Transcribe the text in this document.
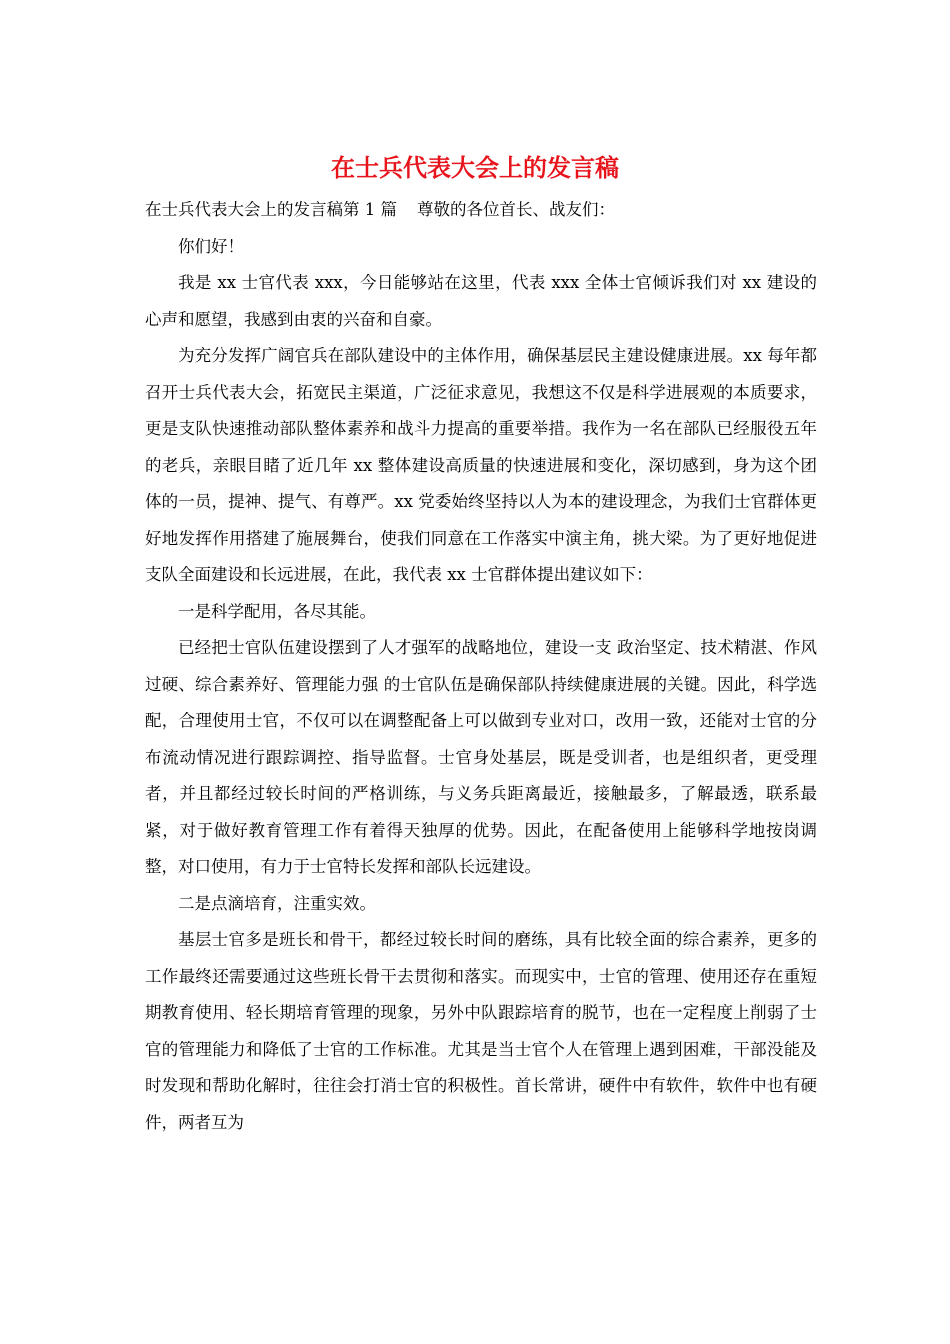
在士兵代表大会上的发言稿

在士兵代表大会上的发言稿第 1 篇 尊敬的各位首长、战友们：

你们好！

我是 xx 士官代表 xxx，今日能够站在这里，代表 xxx 全体士官倾诉我们对 xx 建设的心声和愿望，我感到由衷的兴奋和自豪。

为充分发挥广阔官兵在部队建设中的主体作用，确保基层民主建设健康进展。xx 每年都召开士兵代表大会，拓宽民主渠道，广泛征求意见，我想这不仅是科学进展观的本质要求，更是支队快速推动部队整体素养和战斗力提高的重要举措。我作为一名在部队已经服役五年的老兵，亲眼目睹了近几年 xx 整体建设高质量的快速进展和变化，深切感到，身为这个团体的一员，提神、提气、有尊严。xx 党委始终坚持以人为本的建设理念，为我们士官群体更好地发挥作用搭建了施展舞台，使我们同意在工作落实中演主角，挑大梁。为了更好地促进支队全面建设和长远进展，在此，我代表 xx 士官群体提出建议如下：

一是科学配用，各尽其能。

已经把士官队伍建设摆到了人才强军的战略地位，建设一支 政治坚定、技术精湛、作风过硬、综合素养好、管理能力强 的士官队伍是确保部队持续健康进展的关键。因此，科学选配，合理使用士官，不仅可以在调整配备上可以做到专业对口，改用一致，还能对士官的分布流动情况进行跟踪调控、指导监督。士官身处基层，既是受训者，也是组织者，更受理者，并且都经过较长时间的严格训练，与义务兵距离最近，接触最多，了解最透，联系最紧，对于做好教育管理工作有着得天独厚的优势。因此，在配备使用上能够科学地按岗调整，对口使用，有力于士官特长发挥和部队长远建设。

二是点滴培育，注重实效。

基层士官多是班长和骨干，都经过较长时间的磨练，具有比较全面的综合素养，更多的工作最终还需要通过这些班长骨干去贯彻和落实。而现实中，士官的管理、使用还存在重短期教育使用、轻长期培育管理的现象，另外中队跟踪培育的脱节，也在一定程度上削弱了士官的管理能力和降低了士官的工作标准。尤其是当士官个人在管理上遇到困难，干部没能及时发现和帮助化解时，往往会打消士官的积极性。首长常讲，硬件中有软件，软件中也有硬件，两者互为
